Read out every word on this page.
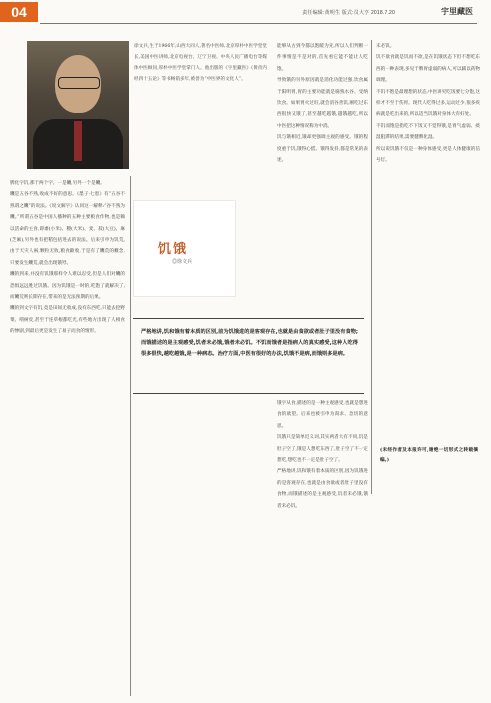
04	责任编辑:黄明生 版式:员大亨 2018.7.20	宇里藏医

徐文兵,生于1966年,山西大同人,著名中医师,北京厚朴中医学堂堂长,美国中医讲师,北京电视台、辽宁卫视、中央人民广播电台等媒体中医顾问,厚朴中医学堂掌门人。他出版的《字里藏医》《黄帝内经四十五论》等书畅销多年,被誉为“中医界的文化人”。

脾化字饥,那于两个字。一是饑,另外一个是饑。

饑是五谷不熟,收成不好的意思。《墨子·七患》有“五谷不熟谓之饑”的说法。《说文解字》认同这一解释:“谷不熟为饑。”所谓五谷是中国人播种的五种主要粮食作物,也是赖以活命的主食,即黍(小米)、稷(大米)、麦、菽(大豆)、麻(芝麻),另外也有把稻包括进去的说法。后来引申为饥荒,由于天灾人祸,颗粒无收,粮食歉收,于是有了饑荒的概念,只要发生饑荒,就会出现饿殍。

饑的到来,并没有饥饿那样令人难以忍受,但是人们对饑的恐惧远远胜过饥饿。因为饥饿是一时的,吃饱了就解决了,而饑荒则长期存在,带来的是无法预期的后果。

饑的到文字有饥,竟是田间无收成,没有东西吃,只能去挖野菜、啃树皮,甚至于连草根都吃光,有些地方出现了人相食的惨剧,到最后更是发生了易子而食的情形。

能够从古到今都以饱暖为先,所以人们判断一件事情是不是对的,首先看它能不能让人吃饱。

导致饿的另外原因就是消化功能过强,饮食属于阳明胃,胃的主要功能就是腐熟水谷、受纳饮食。如果胃火过旺,就会消谷善饥,刚吃过东西很快又饿了,甚至越吃越饿,越饿越吃,所以中医把这种情况称为中消。

饥与饿相近,饿却更强调主观的感受。饿的程度重于饥,饿得心慌、饿得发抖,都是常见的表述。

饥饿
◎徐文兵

严格地讲,饥和饿有着本质的区别,前为饥饿进的是客观存在,也就是由食欲或者肚子里没有食物;而饿描述的是主观感受,饥者未必饿,饿者未必饥。不饥而饿者是指病人的真实感受,这种人吃得很多很快,越吃越饿,是一种病态。治疗方面,中医有很好的办法,饥饿不是病,而饿则多是病。

饿字从食,描述的是一种主观感受,也就是想进食的欲望。后来也被引申为渴求、急切的意思。

饥饿只是简单近义词,其实两者大有不同,饥是肚子空了,饿是人想吃东西了,肚子空了不一定想吃,想吃也不一定是肚子空了。

严格地讲,饥和饿有着本质的区别,因为饥饿进的是客观存在,也就是由食欲或者肚子里没有食物,而饿描述的是主观感受,饥者未必饿,饿者未必饥。

未必饥。

饥不欲食就是饥而不欲,是在饥饿状态下但不想吃东西的一种表现,多见于脾胃虚弱的病人,可以辅以药物调理。

不饥不饱是最理想的状态,中医讲究吃饭要七分饱,这样才不至于伤胃。现代人吃得过多,运动过少,很多疾病就是吃出来的,所以适当饥饿对身体大有好处。

不饥而饱是指吃不下饭又不觉得饿,是胃气虚弱、痰湿阻滞的结果,需要健脾化湿。

所以说饥饿不仅是一种身体感受,更是人体健康的信号灯。

(未经作者及本报许可,谢绝一切形式之转载摘编。)
